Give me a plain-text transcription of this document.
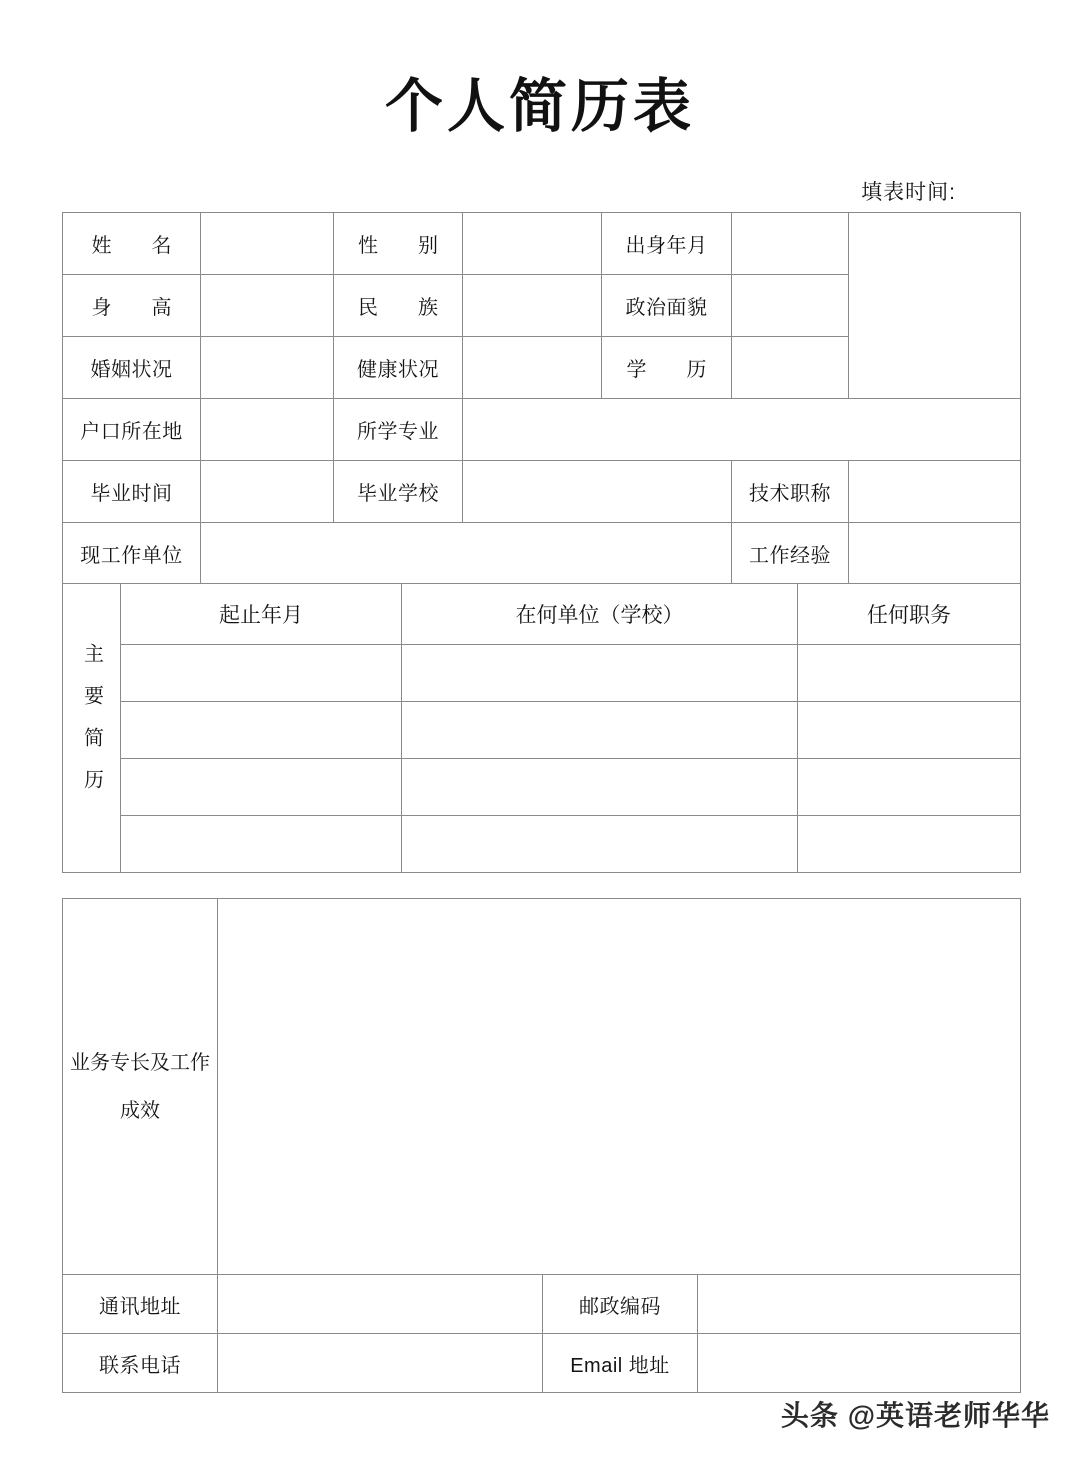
个人简历表
填表时间:
姓　名		性　别		出身年月		
身　高		民　族		政治面貌		
婚姻状况		健康状况		学　历		
户口所在地		所学专业				
毕业时间		毕业学校			技术职称	
现工作单位					工作经验	
主要简历	起止年月	在何单位（学校）	任何职务

业务专长及工作成效			
通讯地址		邮政编码	
联系电话		Email 地址	
头条 @英语老师华华
